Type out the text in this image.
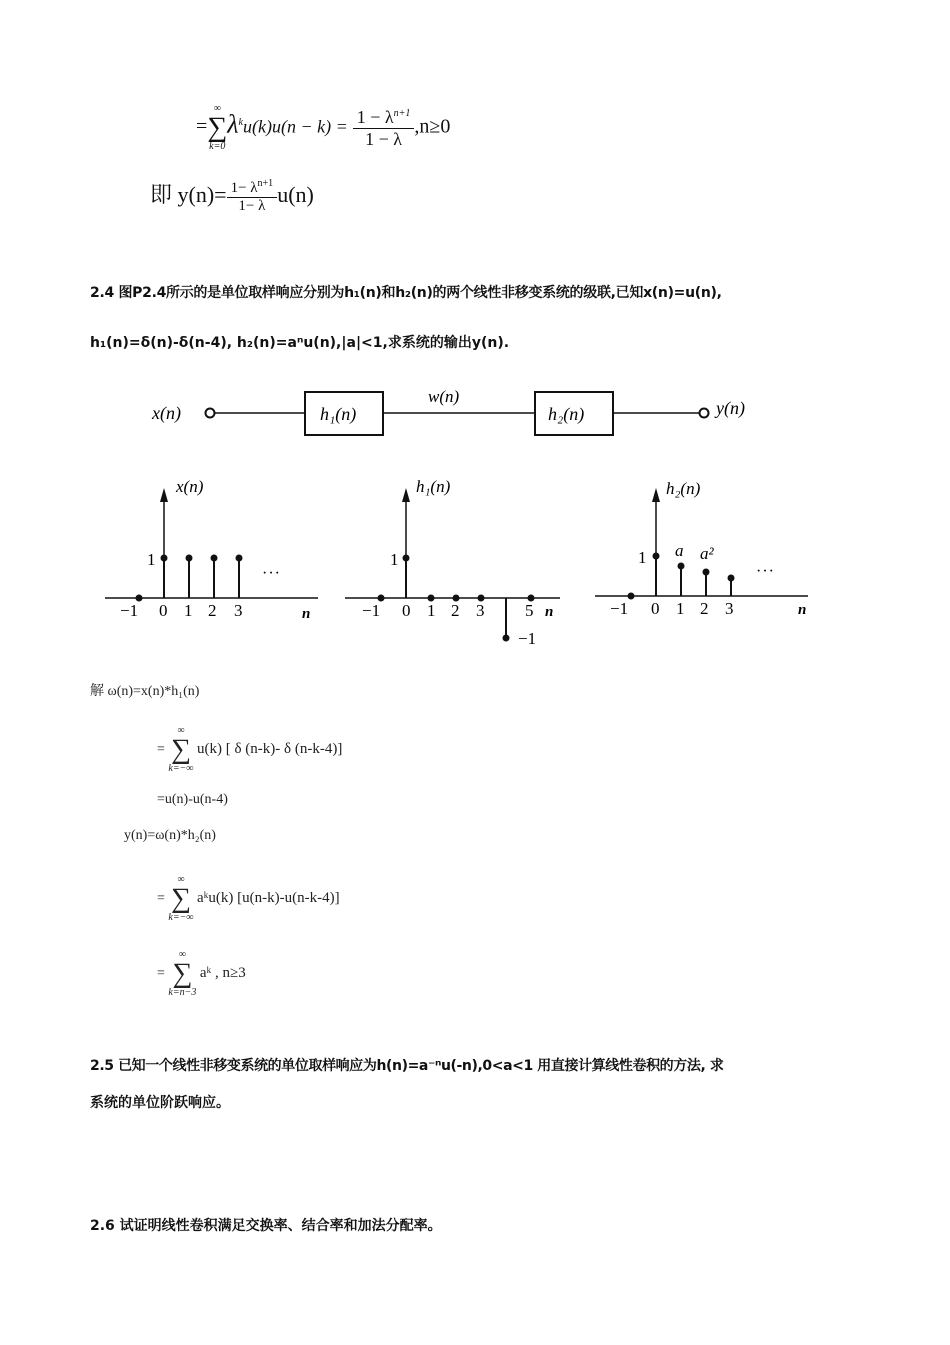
=
∞
∑
k=0
$\lambda^ku(k)u(n - k) = \frac{1 - \lambda^{n+1}}{1 - \lambda} ,n\ge 0$
即 $y(n)= \frac{1- \lambda^{n+1}}{1- \lambda} u(n)$
2.4 图P2.4所示的是单位取样响应分别为h₁(n)和h₂(n)的两个线性非移变系统的级联,已知x(n)=u(n),
h₁(n)=δ(n)-δ(n-4), h₂(n)=aⁿu(n),|a|<1,求系统的输出y(n).
x(n)	h₁(n)
w(n)
h₂(n)	y(n)
x(n)
1
···
−1 0 1 2 3	n
h₁(n)
1
−1 0 1 2 3 5 n
−1
h₂(n)
1 a a²
···
−1 0 1 2 3	n
解 ω(n)=x(n)*h₁(n)
=
∞
∑
k=−∞
u(k) [ δ (n-k)- δ (n-k-4)]
=u(n)-u(n-4)
y(n)=ω(n)*h₂(n)
=
∞
∑
k=−∞
aᵏu(k) [u(n-k)-u(n-k-4)]
=
∞
∑
k=n−3
aᵏ , n≥3
2.5 已知一个线性非移变系统的单位取样响应为h(n)=a⁻ⁿu(-n),0<a<1 用直接计算线性卷积的方法, 求
系统的单位阶跃响应。
2.6 试证明线性卷积满足交换率、结合率和加法分配率。
